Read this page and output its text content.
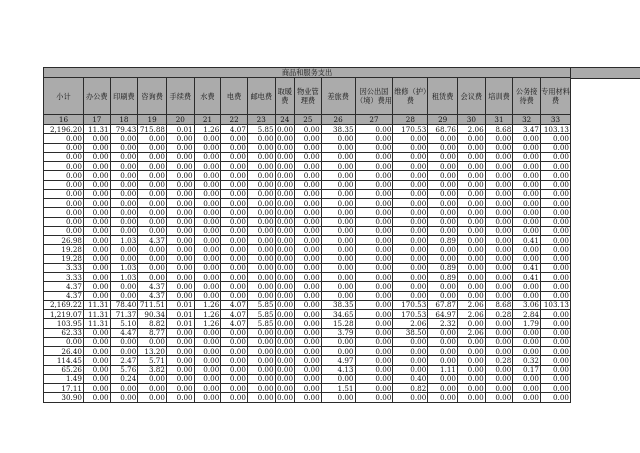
商品和服务支出																	
小计	办公费	印刷费	咨询费	手续费	水费	电费	邮电费	取暖费	物业管理费	差旅费	因公出国（境）费用	维修（护）费	租赁费	会议费	培训费	公务接待费	专用材料费
16	17	18	19	20	21	22	23	24	25	26	27	28	29	30	31	32	33
2,196.20	11.31	79.43	715.88	0.01	1.26	4.07	5.85	0.00	0.00	38.35	0.00	170.53	68.76	2.06	8.68	3.47	103.13
0.00	0.00	0.00	0.00	0.00	0.00	0.00	0.00	0.00	0.00	0.00	0.00	0.00	0.00	0.00	0.00	0.00	0.00
0.00	0.00	0.00	0.00	0.00	0.00	0.00	0.00	0.00	0.00	0.00	0.00	0.00	0.00	0.00	0.00	0.00	0.00
0.00	0.00	0.00	0.00	0.00	0.00	0.00	0.00	0.00	0.00	0.00	0.00	0.00	0.00	0.00	0.00	0.00	0.00
0.00	0.00	0.00	0.00	0.00	0.00	0.00	0.00	0.00	0.00	0.00	0.00	0.00	0.00	0.00	0.00	0.00	0.00
0.00	0.00	0.00	0.00	0.00	0.00	0.00	0.00	0.00	0.00	0.00	0.00	0.00	0.00	0.00	0.00	0.00	0.00
0.00	0.00	0.00	0.00	0.00	0.00	0.00	0.00	0.00	0.00	0.00	0.00	0.00	0.00	0.00	0.00	0.00	0.00
0.00	0.00	0.00	0.00	0.00	0.00	0.00	0.00	0.00	0.00	0.00	0.00	0.00	0.00	0.00	0.00	0.00	0.00
0.00	0.00	0.00	0.00	0.00	0.00	0.00	0.00	0.00	0.00	0.00	0.00	0.00	0.00	0.00	0.00	0.00	0.00
0.00	0.00	0.00	0.00	0.00	0.00	0.00	0.00	0.00	0.00	0.00	0.00	0.00	0.00	0.00	0.00	0.00	0.00
0.00	0.00	0.00	0.00	0.00	0.00	0.00	0.00	0.00	0.00	0.00	0.00	0.00	0.00	0.00	0.00	0.00	0.00
0.00	0.00	0.00	0.00	0.00	0.00	0.00	0.00	0.00	0.00	0.00	0.00	0.00	0.00	0.00	0.00	0.00	0.00
26.98	0.00	1.03	4.37	0.00	0.00	0.00	0.00	0.00	0.00	0.00	0.00	0.00	0.89	0.00	0.00	0.41	0.00
19.28	0.00	0.00	0.00	0.00	0.00	0.00	0.00	0.00	0.00	0.00	0.00	0.00	0.00	0.00	0.00	0.00	0.00
19.28	0.00	0.00	0.00	0.00	0.00	0.00	0.00	0.00	0.00	0.00	0.00	0.00	0.00	0.00	0.00	0.00	0.00
3.33	0.00	1.03	0.00	0.00	0.00	0.00	0.00	0.00	0.00	0.00	0.00	0.00	0.89	0.00	0.00	0.41	0.00
3.33	0.00	1.03	0.00	0.00	0.00	0.00	0.00	0.00	0.00	0.00	0.00	0.00	0.89	0.00	0.00	0.41	0.00
4.37	0.00	0.00	4.37	0.00	0.00	0.00	0.00	0.00	0.00	0.00	0.00	0.00	0.00	0.00	0.00	0.00	0.00
4.37	0.00	0.00	4.37	0.00	0.00	0.00	0.00	0.00	0.00	0.00	0.00	0.00	0.00	0.00	0.00	0.00	0.00
2,169.22	11.31	78.40	711.51	0.01	1.26	4.07	5.85	0.00	0.00	38.35	0.00	170.53	67.87	2.06	8.68	3.06	103.13
1,219.07	11.31	71.37	90.34	0.01	1.26	4.07	5.85	0.00	0.00	34.65	0.00	170.53	64.97	2.06	0.28	2.84	0.00
103.95	11.31	5.10	8.82	0.01	1.26	4.07	5.85	0.00	0.00	15.28	0.00	2.06	2.32	0.00	0.00	1.79	0.00
62.33	0.00	4.47	8.77	0.00	0.00	0.00	0.00	0.00	0.00	3.79	0.00	38.50	0.00	2.06	0.00	0.00	0.00
0.00	0.00	0.00	0.00	0.00	0.00	0.00	0.00	0.00	0.00	0.00	0.00	0.00	0.00	0.00	0.00	0.00	0.00
26.40	0.00	0.00	13.20	0.00	0.00	0.00	0.00	0.00	0.00	0.00	0.00	0.00	0.00	0.00	0.00	0.00	0.00
114.45	0.00	2.47	5.71	0.00	0.00	0.00	0.00	0.00	0.00	4.97	0.00	0.00	0.00	0.00	0.28	0.32	0.00
65.26	0.00	5.76	3.82	0.00	0.00	0.00	0.00	0.00	0.00	4.13	0.00	0.00	1.11	0.00	0.00	0.17	0.00
1.49	0.00	0.24	0.00	0.00	0.00	0.00	0.00	0.00	0.00	0.00	0.00	0.40	0.00	0.00	0.00	0.00	0.00
17.11	0.00	0.00	0.00	0.00	0.00	0.00	0.00	0.00	0.00	1.51	0.00	0.82	0.00	0.00	0.00	0.00	0.00
30.90	0.00	0.00	0.00	0.00	0.00	0.00	0.00	0.00	0.00	0.00	0.00	0.00	0.00	0.00	0.00	0.00	0.00
